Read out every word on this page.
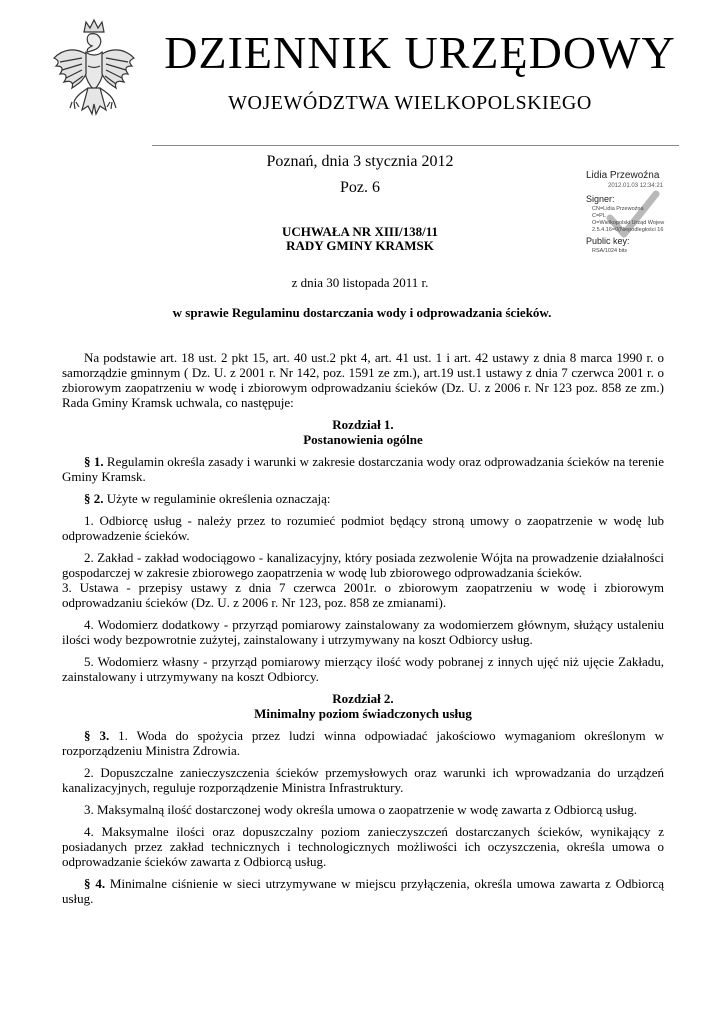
DZIENNIK URZĘDOWY
WOJEWÓDZTWA WIELKOPOLSKIEGO
Poznań, dnia 3 stycznia 2012
Poz. 6
Lidia Przewoźna
2012.01.03 12:34:21
Signer:
CN=Lidia Przewoźna
C=PL
O=Wielkopolski Urząd Wojew
2.5.4.16=0(Niepodległości 16
Public key:
RSA/1024 bits
UCHWAŁA NR XIII/138/11
RADY GMINY KRAMSK
z dnia 30 listopada 2011 r.
w sprawie Regulaminu dostarczania wody i odprowadzania ścieków.

Na podstawie art. 18 ust. 2 pkt 15, art. 40 ust.2 pkt 4, art. 41 ust. 1 i art. 42 ustawy z dnia 8 marca 1990 r. o samorządzie gminnym ( Dz. U. z 2001 r. Nr 142, poz. 1591 ze zm.), art.19 ust.1 ustawy z dnia 7 czerwca 2001 r. o zbiorowym zaopatrzeniu w wodę i zbiorowym odprowadzaniu ścieków (Dz. U. z 2006 r. Nr 123 poz. 858 ze zm.) Rada Gminy Kramsk uchwala, co następuje:

Rozdział 1.
Postanowienia ogólne

§ 1. Regulamin określa zasady i warunki w zakresie dostarczania wody oraz odprowadzania ścieków na terenie Gminy Kramsk.

§ 2. Użyte w regulaminie określenia oznaczają:

1. Odbiorcę usług - należy przez to rozumieć podmiot będący stroną umowy o zaopatrzenie w wodę lub odprowadzenie ścieków.

2. Zakład - zakład wodociągowo - kanalizacyjny, który posiada zezwolenie Wójta na prowadzenie działalności gospodarczej w zakresie zbiorowego zaopatrzenia w wodę lub zbiorowego odprowadzania ścieków.

3. Ustawa - przepisy ustawy z dnia 7 czerwca 2001r. o zbiorowym zaopatrzeniu w wodę i zbiorowym odprowadzaniu ścieków (Dz. U. z 2006 r. Nr 123, poz. 858 ze zmianami).

4. Wodomierz dodatkowy - przyrząd pomiarowy zainstalowany za wodomierzem głównym, służący ustaleniu ilości wody bezpowrotnie zużytej, zainstalowany i utrzymywany na koszt Odbiorcy usług.

5. Wodomierz własny - przyrząd pomiarowy mierzący ilość wody pobranej z innych ujęć niż ujęcie Zakładu, zainstalowany i utrzymywany na koszt Odbiorcy.

Rozdział 2.
Minimalny poziom świadczonych usług

§ 3. 1. Woda do spożycia przez ludzi winna odpowiadać jakościowo wymaganiom określonym w rozporządzeniu Ministra Zdrowia.

2. Dopuszczalne zanieczyszczenia ścieków przemysłowych oraz warunki ich wprowadzania do urządzeń kanalizacyjnych, reguluje rozporządzenie Ministra Infrastruktury.

3. Maksymalną ilość dostarczonej wody określa umowa o zaopatrzenie w wodę zawarta z Odbiorcą usług.

4. Maksymalne ilości oraz dopuszczalny poziom zanieczyszczeń dostarczanych ścieków, wynikający z posiadanych przez zakład technicznych i technologicznych możliwości ich oczyszczenia, określa umowa o odprowadzanie ścieków zawarta z Odbiorcą usług.

§ 4. Minimalne ciśnienie w sieci utrzymywane w miejscu przyłączenia, określa umowa zawarta z Odbiorcą usług.
